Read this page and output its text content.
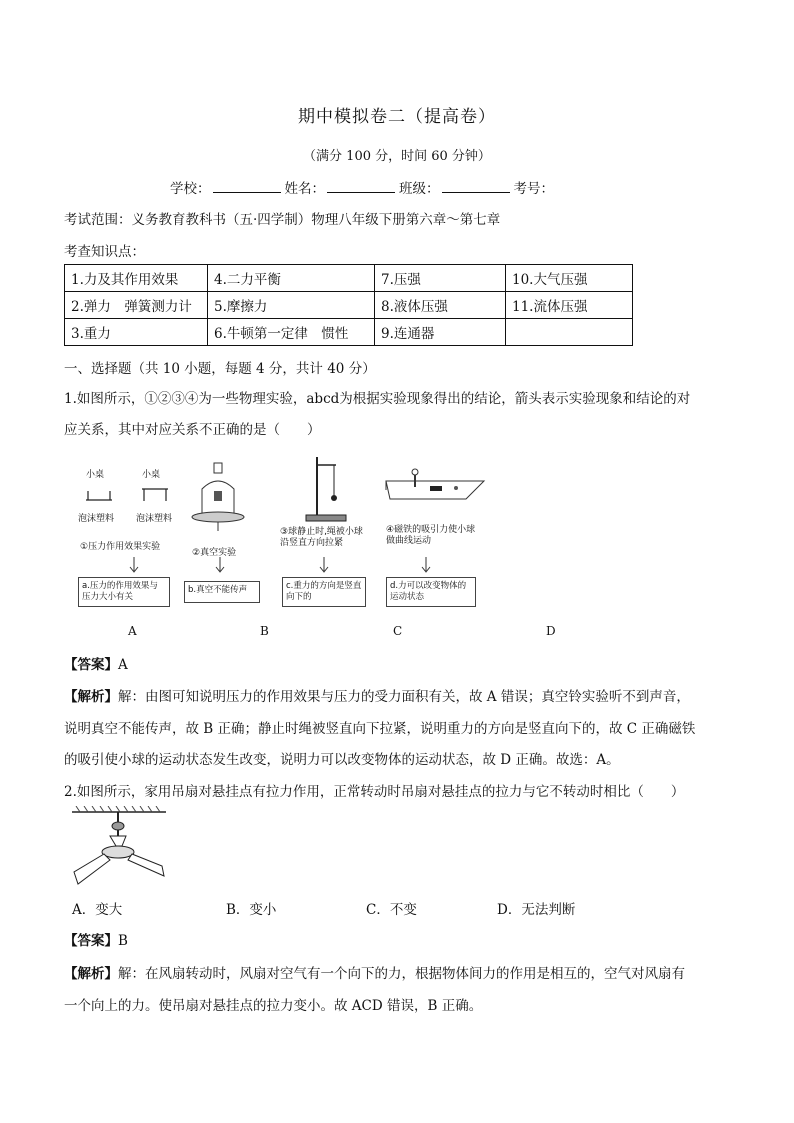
期中模拟卷二（提高卷）
（满分 100 分，时间 60 分钟）
学校：	姓名：	班级：	考号：
考试范围：义务教育教科书（五·四学制）物理八年级下册第六章～第七章
考查知识点：
1.力及其作用效果	4.二力平衡	7.压强	10.大气压强
2.弹力　弹簧测力计	5.摩擦力	8.液体压强	11.流体压强
3.重力	6.牛顿第一定律　惯性	9.连通器	
一、选择题（共 10 小题，每题 4 分，共计 40 分）
1.如图所示，①②③④为一些物理实验，abcd为根据实验现象得出的结论，箭头表示实验现象和结论的对
应关系，其中对应关系不正确的是（　　）
小桌	小桌
泡沫塑料 泡沫塑料
①压力作用效果实验
②真空实验
③球静止时,绳被小球沿竖直方向拉紧
④磁铁的吸引力使小球做曲线运动
a.压力的作用效果与压力大小有关
b.真空不能传声	c.重力的方向是竖直向下的
d.力可以改变物体的运动状态
A	B	C	D
【答案】A
【解析】解：由图可知说明压力的作用效果与压力的受力面积有关，故 A 错误；真空铃实验听不到声音，
说明真空不能传声，故 B 正确；静止时绳被竖直向下拉紧，说明重力的方向是竖直向下的，故 C 正确磁铁
的吸引使小球的运动状态发生改变，说明力可以改变物体的运动状态，故 D 正确。故选：A。
2.如图所示，家用吊扇对悬挂点有拉力作用，正常转动时吊扇对悬挂点的拉力与它不转动时相比（　　）
A．变大	B．变小	C．不变	D．无法判断
【答案】B
【解析】解：在风扇转动时，风扇对空气有一个向下的力，根据物体间力的作用是相互的，空气对风扇有
一个向上的力。使吊扇对悬挂点的拉力变小。故 ACD 错误，B 正确。
